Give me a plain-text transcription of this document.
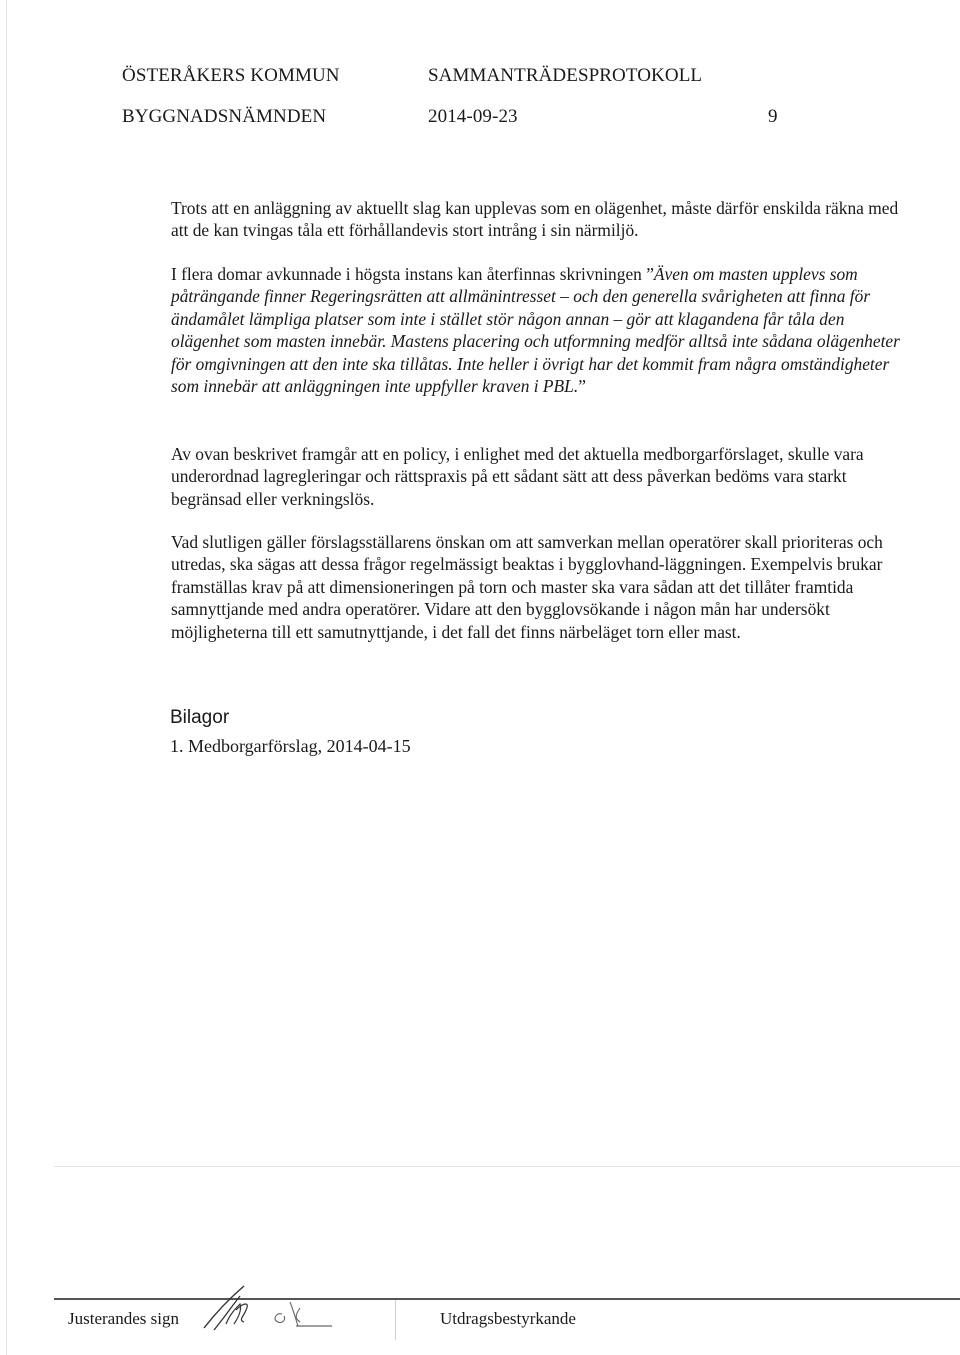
ÖSTERÅKERS KOMMUN	SAMMANTRÄDESPROTOKOLL
BYGGNADSNÄMNDEN	2014-09-23	9

Trots att en anläggning av aktuellt slag kan upplevas som en olägenhet, måste därför enskilda räkna med att de kan tvingas tåla ett förhållandevis stort intrång i sin närmiljö.

I flera domar avkunnade i högsta instans kan återfinnas skrivningen ”Även om masten upplevs som påträngande finner Regeringsrätten att allmänintresset – och den generella svårigheten att finna för ändamålet lämpliga platser som inte i stället stör någon annan – gör att klagandena får tåla den olägenhet som masten innebär. Mastens placering och utformning medför alltså inte sådana olägenheter för omgivningen att den inte ska tillåtas. Inte heller i övrigt har det kommit fram några omständigheter som innebär att anläggningen inte uppfyller kraven i PBL.”

Av ovan beskrivet framgår att en policy, i enlighet med det aktuella medborgarförslaget, skulle vara underordnad lagregleringar och rättspraxis på ett sådant sätt att dess påverkan bedöms vara starkt begränsad eller verkningslös.

Vad slutligen gäller förslagsställarens önskan om att samverkan mellan operatörer skall prioriteras och utredas, ska sägas att dessa frågor regelmässigt beaktas i bygglovhand-läggningen. Exempelvis brukar framställas krav på att dimensioneringen på torn och master ska vara sådan att det tillåter framtida samnyttjande med andra operatörer. Vidare att den bygglovsökande i någon mån har undersökt möjligheterna till ett samutnyttjande, i det fall det finns närbeläget torn eller mast.

Bilagor
1. Medborgarförslag, 2014-04-15
Justerandes sign	Utdragsbestyrkande
